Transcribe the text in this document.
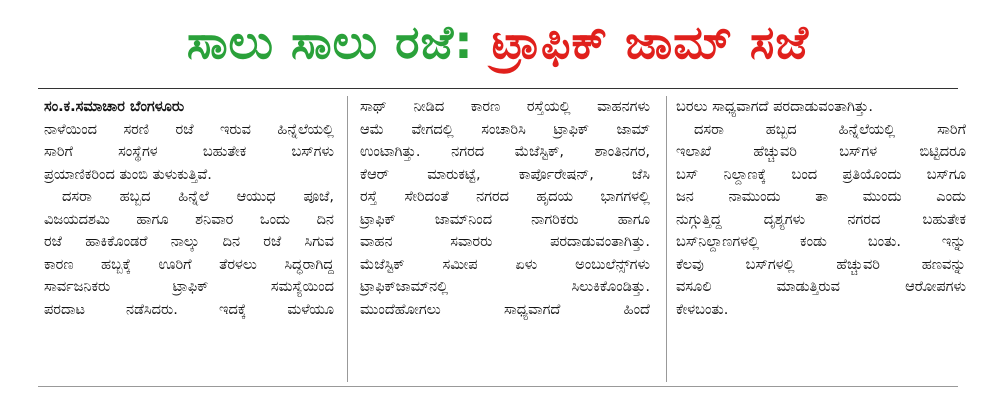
ಸಾಲು ಸಾಲು ರಜೆ: ಟ್ರಾಫಿಕ್ ಜಾಮ್ ಸಜೆ

ಸಂ.ಕ.ಸಮಾಚಾರ ಬೆಂಗಳೂರು

ನಾಳೆಯಿಂದ ಸರಣಿ ರಜೆ ಇರುವ ಹಿನ್ನೆಲೆಯಲ್ಲಿ

ಸಾರಿಗೆ ಸಂಸ್ಥೆಗಳ ಬಹುತೇಕ ಬಸ್‌ಗಳು

ಪ್ರಯಾಣಿಕರಿಂದ ತುಂಬಿ ತುಳುಕುತ್ತಿವೆ.

ದಸರಾ ಹಬ್ಬದ ಹಿನ್ನೆಲೆ ಆಯುಧ ಪೂಜೆ,

ವಿಜಯದಶಮಿ ಹಾಗೂ ಶನಿವಾರ ಒಂದು ದಿನ

ರಜೆ ಹಾಕಿಕೊಂಡರೆ ನಾಲ್ಕು ದಿನ ರಜೆ ಸಿಗುವ

ಕಾರಣ ಹಬ್ಬಕ್ಕೆ ಊರಿಗೆ ತೆರಳಲು ಸಿದ್ಧರಾಗಿದ್ದ

ಸಾರ್ವಜನಿಕರು ಟ್ರಾಫಿಕ್ ಸಮಸ್ಯೆಯಿಂದ

ಪರದಾಟ ನಡೆಸಿದರು. ಇದಕ್ಕೆ ಮಳೆಯೂ

ಸಾಥ್ ನೀಡಿದ ಕಾರಣ ರಸ್ತೆಯಲ್ಲಿ ವಾಹನಗಳು

ಆಮೆ ವೇಗದಲ್ಲಿ ಸಂಚಾರಿಸಿ ಟ್ರಾಫಿಕ್ ಜಾಮ್

ಉಂಟಾಗಿತ್ತು. ನಗರದ ಮೆಜೆಸ್ಟಿಕ್, ಶಾಂತಿನಗರ,

ಕೆಆರ್ ಮಾರುಕಟ್ಟೆ, ಕಾರ್ಪೊರೇಷನ್, ಜೆಸಿ

ರಸ್ತೆ ಸೇರಿದಂತೆ ನಗರದ ಹೃದಯ ಭಾಗಗಳಲ್ಲಿ

ಟ್ರಾಫಿಕ್ ಜಾಮ್‌ನಿಂದ ನಾಗರಿಕರು ಹಾಗೂ

ವಾಹನ ಸವಾರರು ಪರದಾಡುವಂತಾಗಿತ್ತು.

ಮೆಜೆಸ್ಟಿಕ್ ಸಮೀಪ ಏಳು ಅಂಬುಲೆನ್ಸ್‌ಗಳು

ಟ್ರಾಫಿಕ್‌ಜಾಮ್‌ನಲ್ಲಿ ಸಿಲುಕಿಕೊಂಡಿತ್ತು.

ಮುಂದೆಹೋಗಲು ಸಾಧ್ಯವಾಗದೆ ಹಿಂದೆ

ಬರಲು ಸಾಧ್ಯವಾಗದೆ ಪರದಾಡುವಂತಾಗಿತ್ತು.

ದಸರಾ ಹಬ್ಬದ ಹಿನ್ನೆಲೆಯಲ್ಲಿ ಸಾರಿಗೆ

ಇಲಾಖೆ ಹೆಚ್ಚುವರಿ ಬಸ್‌ಗಳ ಬಿಟ್ಟಿದರೂ

ಬಸ್ ನಿಲ್ದಾಣಕ್ಕೆ ಬಂದ ಪ್ರತಿಯೊಂದು ಬಸ್‌ಗೂ

ಜನ ನಾಮುಂದು ತಾ ಮುಂದು ಎಂದು

ನುಗ್ಗುತ್ತಿದ್ದ ದೃಶ್ಯಗಳು ನಗರದ ಬಹುತೇಕ

ಬಸ್‌ನಿಲ್ದಾಣಗಳಲ್ಲಿ ಕಂಡು ಬಂತು. ಇನ್ನು

ಕೆಲವು ಬಸ್‌ಗಳಲ್ಲಿ ಹೆಚ್ಚುವರಿ ಹಣವನ್ನು

ವಸೂಲಿ ಮಾಡುತ್ತಿರುವ ಆರೋಪಗಳು

ಕೇಳಬಂತು.
